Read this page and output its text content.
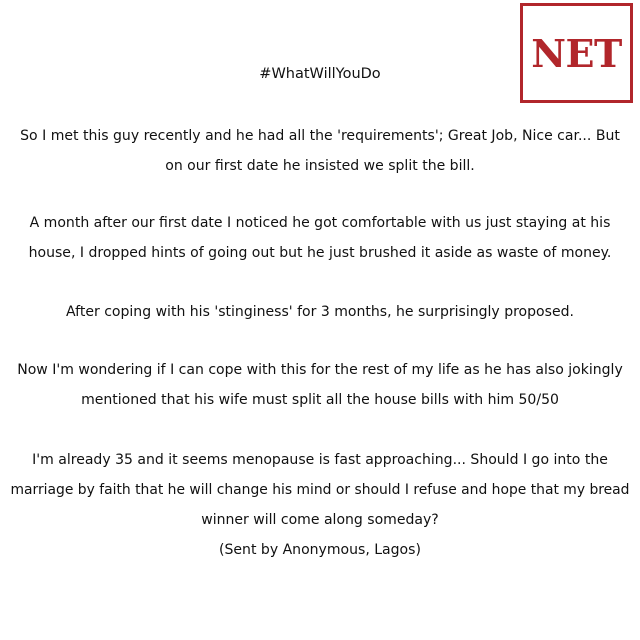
NET
#WhatWillYouDo

So I met this guy recently and he had all the 'requirements'; Great Job, Nice car... But
on our first date he insisted we split the bill.

A month after our first date I noticed he got comfortable with us just staying at his
house, I dropped hints of going out but he just brushed it aside as waste of money.

After coping with his 'stinginess' for 3 months, he surprisingly proposed.

Now I'm wondering if I can cope with this for the rest of my life as he has also jokingly
mentioned that his wife must split all the house bills with him 50/50

I'm already 35 and it seems menopause is fast approaching... Should I go into the
marriage by faith that he will change his mind or should I refuse and hope that my bread
winner will come along someday?
(Sent by Anonymous, Lagos)
